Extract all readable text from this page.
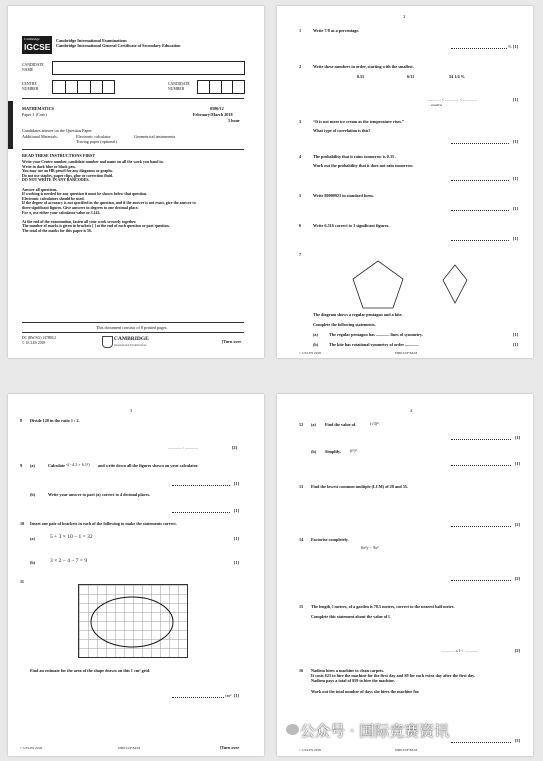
Cambridge
IGCSE
Cambridge International Examinations
Cambridge International General Certificate of Secondary Education
CANDIDATE NAME
CENTRE NUMBER
CANDIDATE NUMBER
MATHEMATICS	0580/12
Paper 1 (Core)	February/March 2018
1 hour
Candidates answer on the Question Paper.
Additional Materials:	Electronic calculator	Geometrical instruments
Tracing paper (optional)
READ THESE INSTRUCTIONS FIRST
Write your Centre number, candidate number and name on all the work you hand in.
Write in dark blue or black pen.
You may use an HB pencil for any diagrams or graphs.
Do not use staples, paper clips, glue or correction fluid.
DO NOT WRITE IN ANY BARCODES.

Answer all questions.
If working is needed for any question it must be shown below that question.
Electronic calculators should be used.
If the degree of accuracy is not specified in the question, and if the answer is not exact, give the answer to
three significant figures. Give answers in degrees to one decimal place.
For π, use either your calculator value or 3.142.

At the end of the examination, fasten all your work securely together.
The number of marks is given in brackets [ ] at the end of each question or part question.
The total of the marks for this paper is 56.
This document consists of 8 printed pages.
DC (RW/SG) 147890/2
© UCLES 2018
CAMBRIDGE
International Examinations
[Turn over
2
1	Write 7/8 as a percentage.
% [1]
2	Write these numbers in order, starting with the smallest.
0.55	6/11	54 1/4 %
............. < ............. < .............
smallest
[1]
3	“It is not more ice cream as the temperature rises.”
What type of correlation is this?
[1]
4	The probability that it rains tomorrow is 0.35 .
Work out the probability that it does not rain tomorrow.
[1]
5	Write 80000923 in standard form.
[1]
6	Write 6.516 correct to 3 significant figures.
[1]
7
The diagram shows a regular pentagon and a kite.
Complete the following statements.
(a)	The regular pentagon has ............. lines of symmetry.	[1]
(b)	The kite has rotational symmetry of order .............	[1]
© UCLES 2018	0580/12/F/M/18
3
8 Divide 120 in the ratio 1 : 2.
............. : .............	[2]
9 (a)	Calculate √(−4.3 + 6.1²) and write down all the figures shown on your calculator.
[1]
(b)	Write your answer to part (a) correct to 4 decimal places.
[1]
10 Insert one pair of brackets in each of the following to make the statements correct.
(a)	5 + 3 × 10 − 1 = 32	[1]
(b)	3 × 2 − 4 − 7 = 9	[1]
11
Find an estimate for the area of the shape drawn on this 1 cm² grid.
cm² [1]
© UCLES 2018	0580/12/F/M/18	[Turn over
4
12 (a) Find the value of	(√3)⁸.
[1]
(b) Simplify. (t⁶)².
[1]
13 Find the lowest common multiple (LCM) of 28 and 35.
[2]
14 Factorise completely.
6x²y − 9x³
[2]
15 The length, l metres, of a garden is 78.5 metres, correct to the nearest half metre.
Complete this statement about the value of l.
............. ≤ l < .............	[2]
16 Nadiem hires a machine to clean carpets.
It costs $23 to hire the machine for the first day and $9 for each extra day after the first day.
Nadiem pays a total of $59 to hire the machine.
Work out the total number of days she hires the machine for.
[3]
© UCLES 2018	0580/12/F/M/18
公众号 · 国际竞赛资讯
